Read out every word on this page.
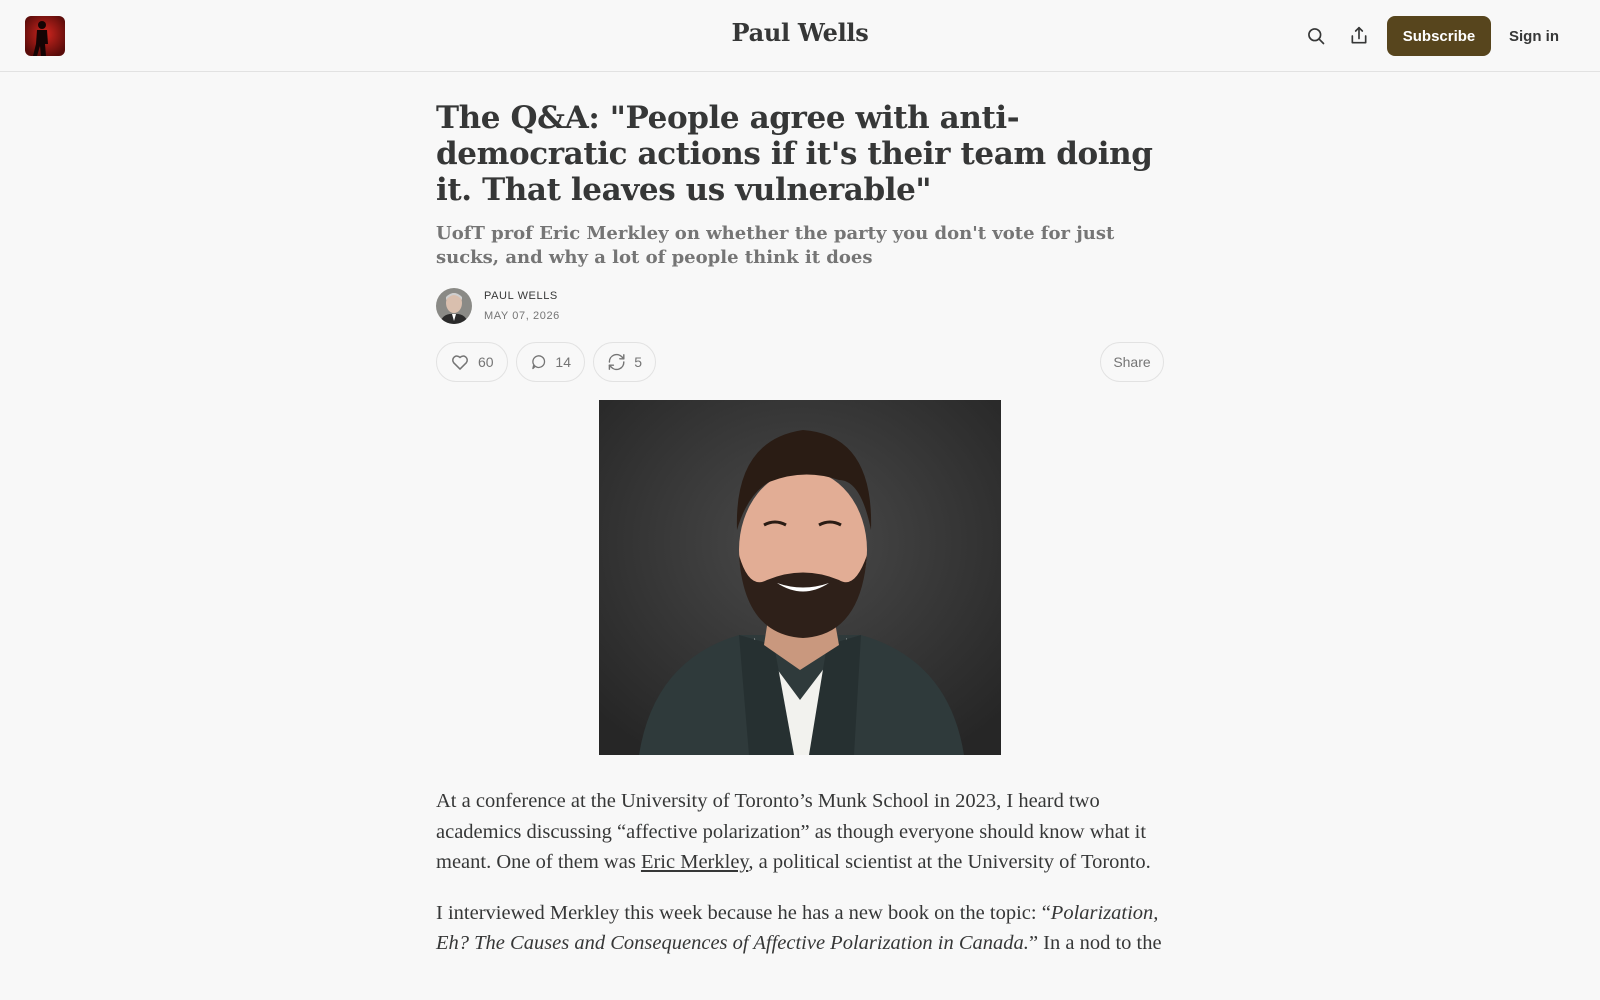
Paul Wells	Subscribe	Sign in
The Q&A: "People agree with anti-democratic actions if it's their team doing it. That leaves us vulnerable"
UofT prof Eric Merkley on whether the party you don't vote for just sucks, and why a lot of people think it does
PAUL WELLS
MAY 07, 2026
60	14	5	Share

At a conference at the University of Toronto’s Munk School in 2023, I heard two academics discussing “affective polarization” as though everyone should know what it meant. One of them was Eric Merkley, a political scientist at the University of Toronto.

I interviewed Merkley this week because he has a new book on the topic: “Polarization, Eh? The Causes and Consequences of Affective Polarization in Canada.” In a nod to the
